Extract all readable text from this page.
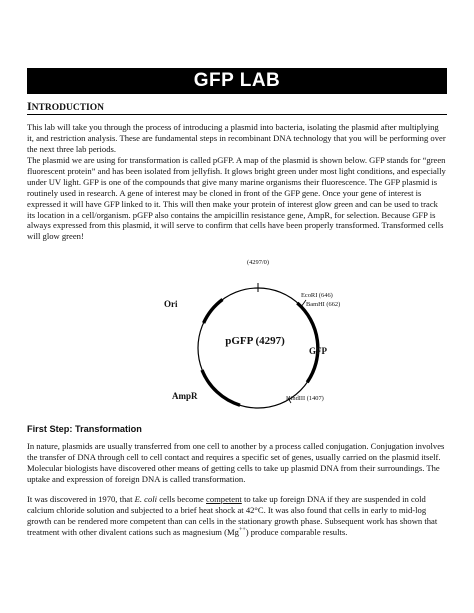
GFP LAB
INTRODUCTION

This lab will take you through the process of introducing a plasmid into bacteria, isolating the plasmid after multiplying it, and restriction analysis. These are fundamental steps in recombinant DNA technology that you will be performing over the next three lab periods.

The plasmid we are using for transformation is called pGFP. A map of the plasmid is shown below. GFP stands for “green fluorescent protein” and has been isolated from jellyfish. It glows bright green under most light conditions, and especially under UV light. GFP is one of the compounds that give many marine organisms their fluorescence. The GFP plasmid is routinely used in research. A gene of interest may be cloned in front of the GFP gene. Once your gene of interest is expressed it will have GFP linked to it. This will then make your protein of interest glow green and can be used to track its location in a cell/organism. pGFP also contains the ampicillin resistance gene, AmpR, for selection. Because GFP is always expressed from this plasmid, it will serve to confirm that cells have been properly transformed. Transformed cells will glow green!

(4297/0)
Ori
GFP
AmpR
EcoRI (646)
BamHI (662)
HindIII (1407)
pGFP (4297)
First Step: Transformation

In nature, plasmids are usually transferred from one cell to another by a process called conjugation. Conjugation involves the transfer of DNA through cell to cell contact and requires a specific set of genes, usually carried on the plasmid itself. Molecular biologists have discovered other means of getting cells to take up plasmid DNA from their surroundings. The uptake and expression of foreign DNA is called transformation.

It was discovered in 1970, that E. coli cells become competent to take up foreign DNA if they are suspended in cold calcium chloride solution and subjected to a brief heat shock at 42°C. It was also found that cells in early to mid-log growth can be rendered more competent than can cells in the stationary growth phase. Subsequent work has shown that treatment with other divalent cations such as magnesium (Mg++) produce comparable results.
